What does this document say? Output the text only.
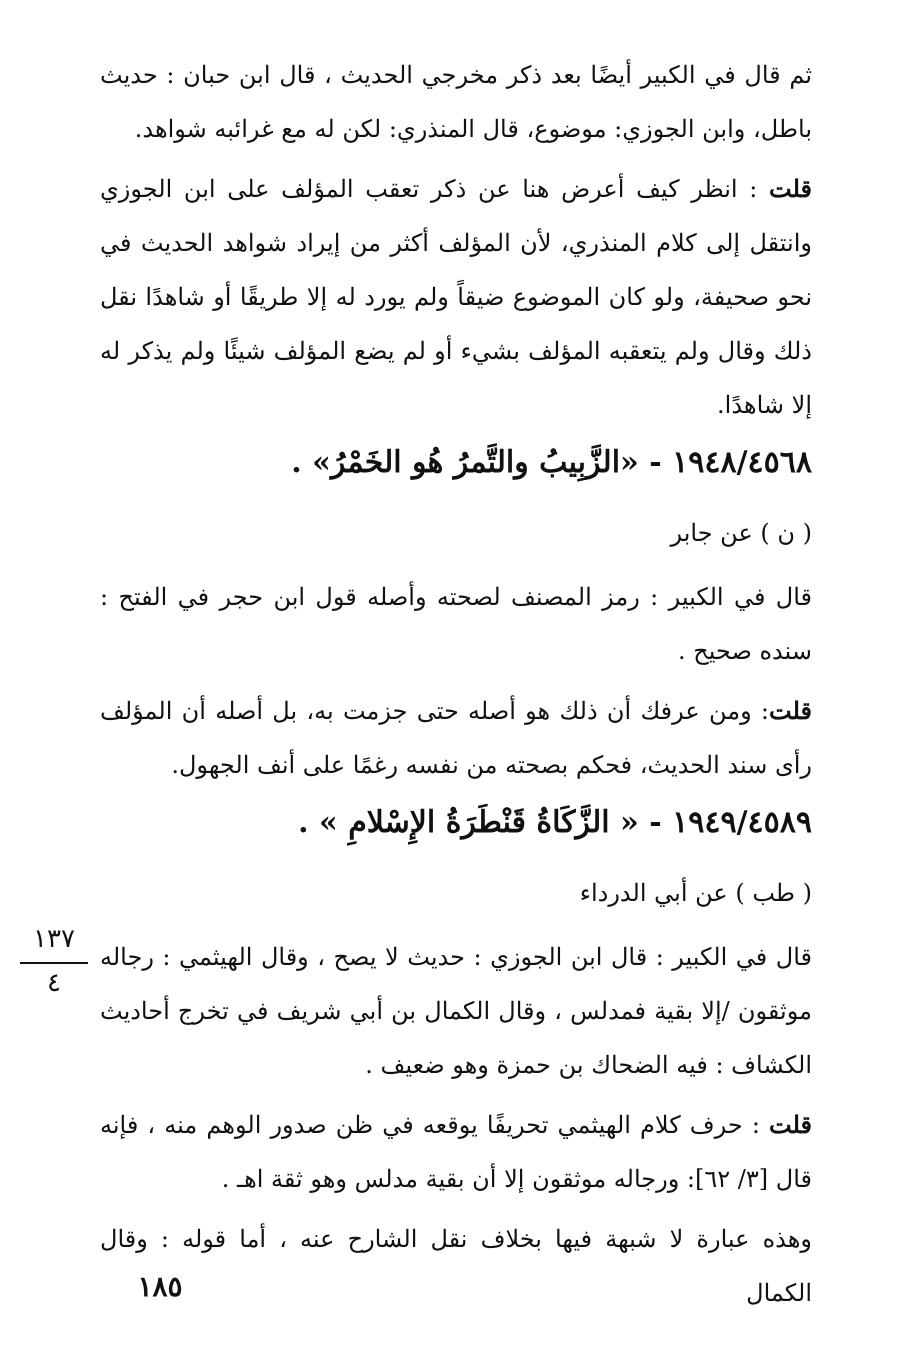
ثم قال في الكبير أيضًا بعد ذكر مخرجي الحديث ، قال ابن حبان : حديث باطل، وابن الجوزي: موضوع، قال المنذري: لكن له مع غرائبه شواهد.

قلت : انظر كيف أعرض هنا عن ذكر تعقب المؤلف على ابن الجوزي وانتقل إلى كلام المنذري، لأن المؤلف أكثر من إيراد شواهد الحديث في نحو صحيفة، ولو كان الموضوع ضيقاً ولم يورد له إلا طريقًا أو شاهدًا نقل ذلك وقال ولم يتعقبه المؤلف بشيء أو لم يضع المؤلف شيئًا ولم يذكر له إلا شاهدًا.

١٩٤٨/٤٥٦٨ - «الزَّبِيبُ والتَّمرُ هُو الخَمْرُ» .
( ن ) عن جابر

قال في الكبير : رمز المصنف لصحته وأصله قول ابن حجر في الفتح : سنده صحيح .

قلت: ومن عرفك أن ذلك هو أصله حتى جزمت به، بل أصله أن المؤلف رأى سند الحديث، فحكم بصحته من نفسه رغمًا على أنف الجهول.

١٩٤٩/٤٥٨٩ - « الزَّكَاةُ قَنْطَرَةُ الإِسْلامِ » .
( طب ) عن أبي الدرداء

قال في الكبير : قال ابن الجوزي : حديث لا يصح ، وقال الهيثمي : رجاله موثقون /إلا بقية فمدلس ، وقال الكمال بن أبي شريف في تخرج أحاديث الكشاف : فيه الضحاك بن حمزة وهو ضعيف .

قلت : حرف كلام الهيثمي تحريفًا يوقعه في ظن صدور الوهم منه ، فإنه قال [٣/ ٦٢]: ورجاله موثقون إلا أن بقية مدلس وهو ثقة اهـ .

وهذه عبارة لا شبهة فيها بخلاف نقل الشارح عنه ، أما قوله : وقال الكمال

١٣٧
٤
١٨٥
